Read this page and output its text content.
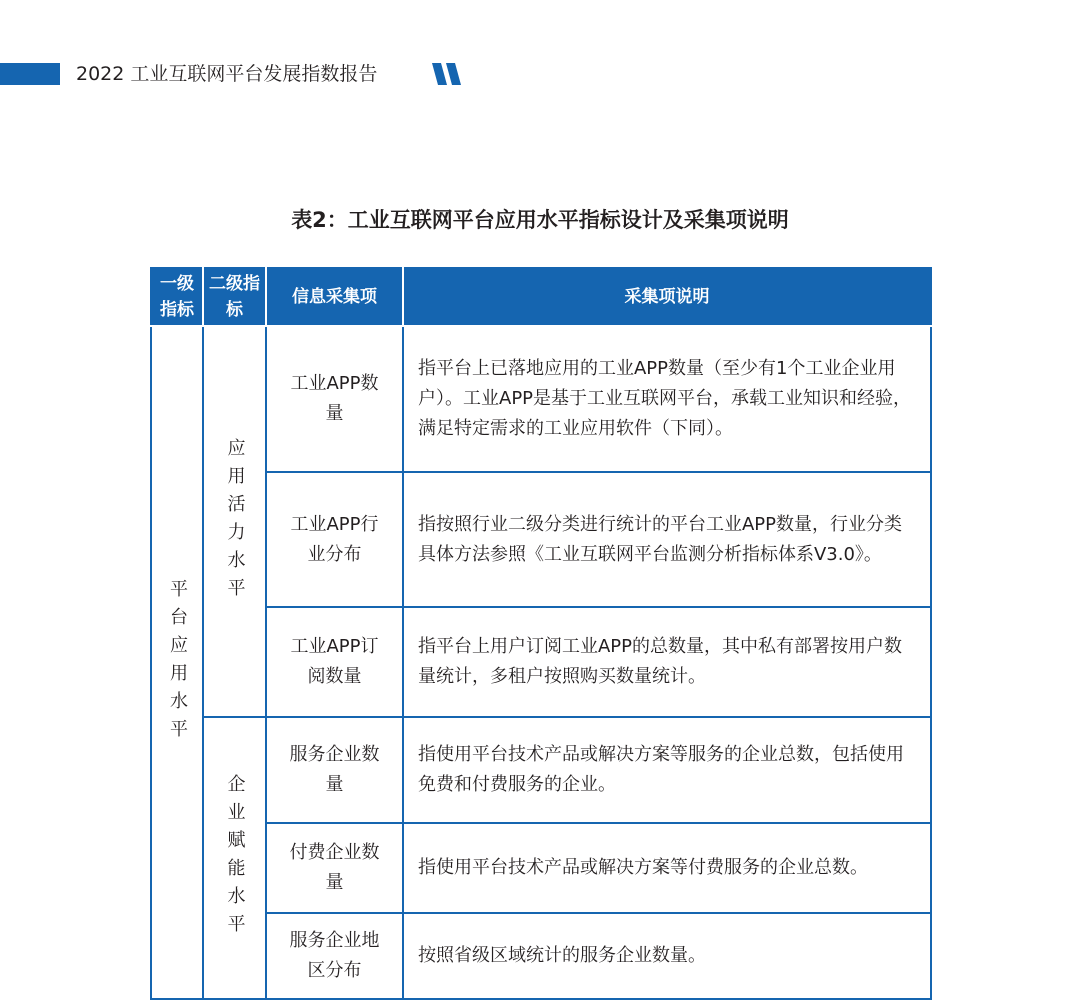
2022 工业互联网平台发展指数报告
表2：工业互联网平台应用水平指标设计及采集项说明
一级指标	二级指标	信息采集项	采集项说明
平台应用水平	应用活力水平	工业APP数量	指平台上已落地应用的工业APP数量（至少有1个工业企业用户）。工业APP是基于工业互联网平台，承载工业知识和经验，满足特定需求的工业应用软件（下同）。
		工业APP行业分布	指按照行业二级分类进行统计的平台工业APP数量，行业分类具体方法参照《工业互联网平台监测分析指标体系V3.0》。
		工业APP订阅数量	指平台上用户订阅工业APP的总数量，其中私有部署按用户数量统计，多租户按照购买数量统计。
	企业赋能水平	服务企业数量	指使用平台技术产品或解决方案等服务的企业总数，包括使用免费和付费服务的企业。
		付费企业数量	指使用平台技术产品或解决方案等付费服务的企业总数。
		服务企业地区分布	按照省级区域统计的服务企业数量。
